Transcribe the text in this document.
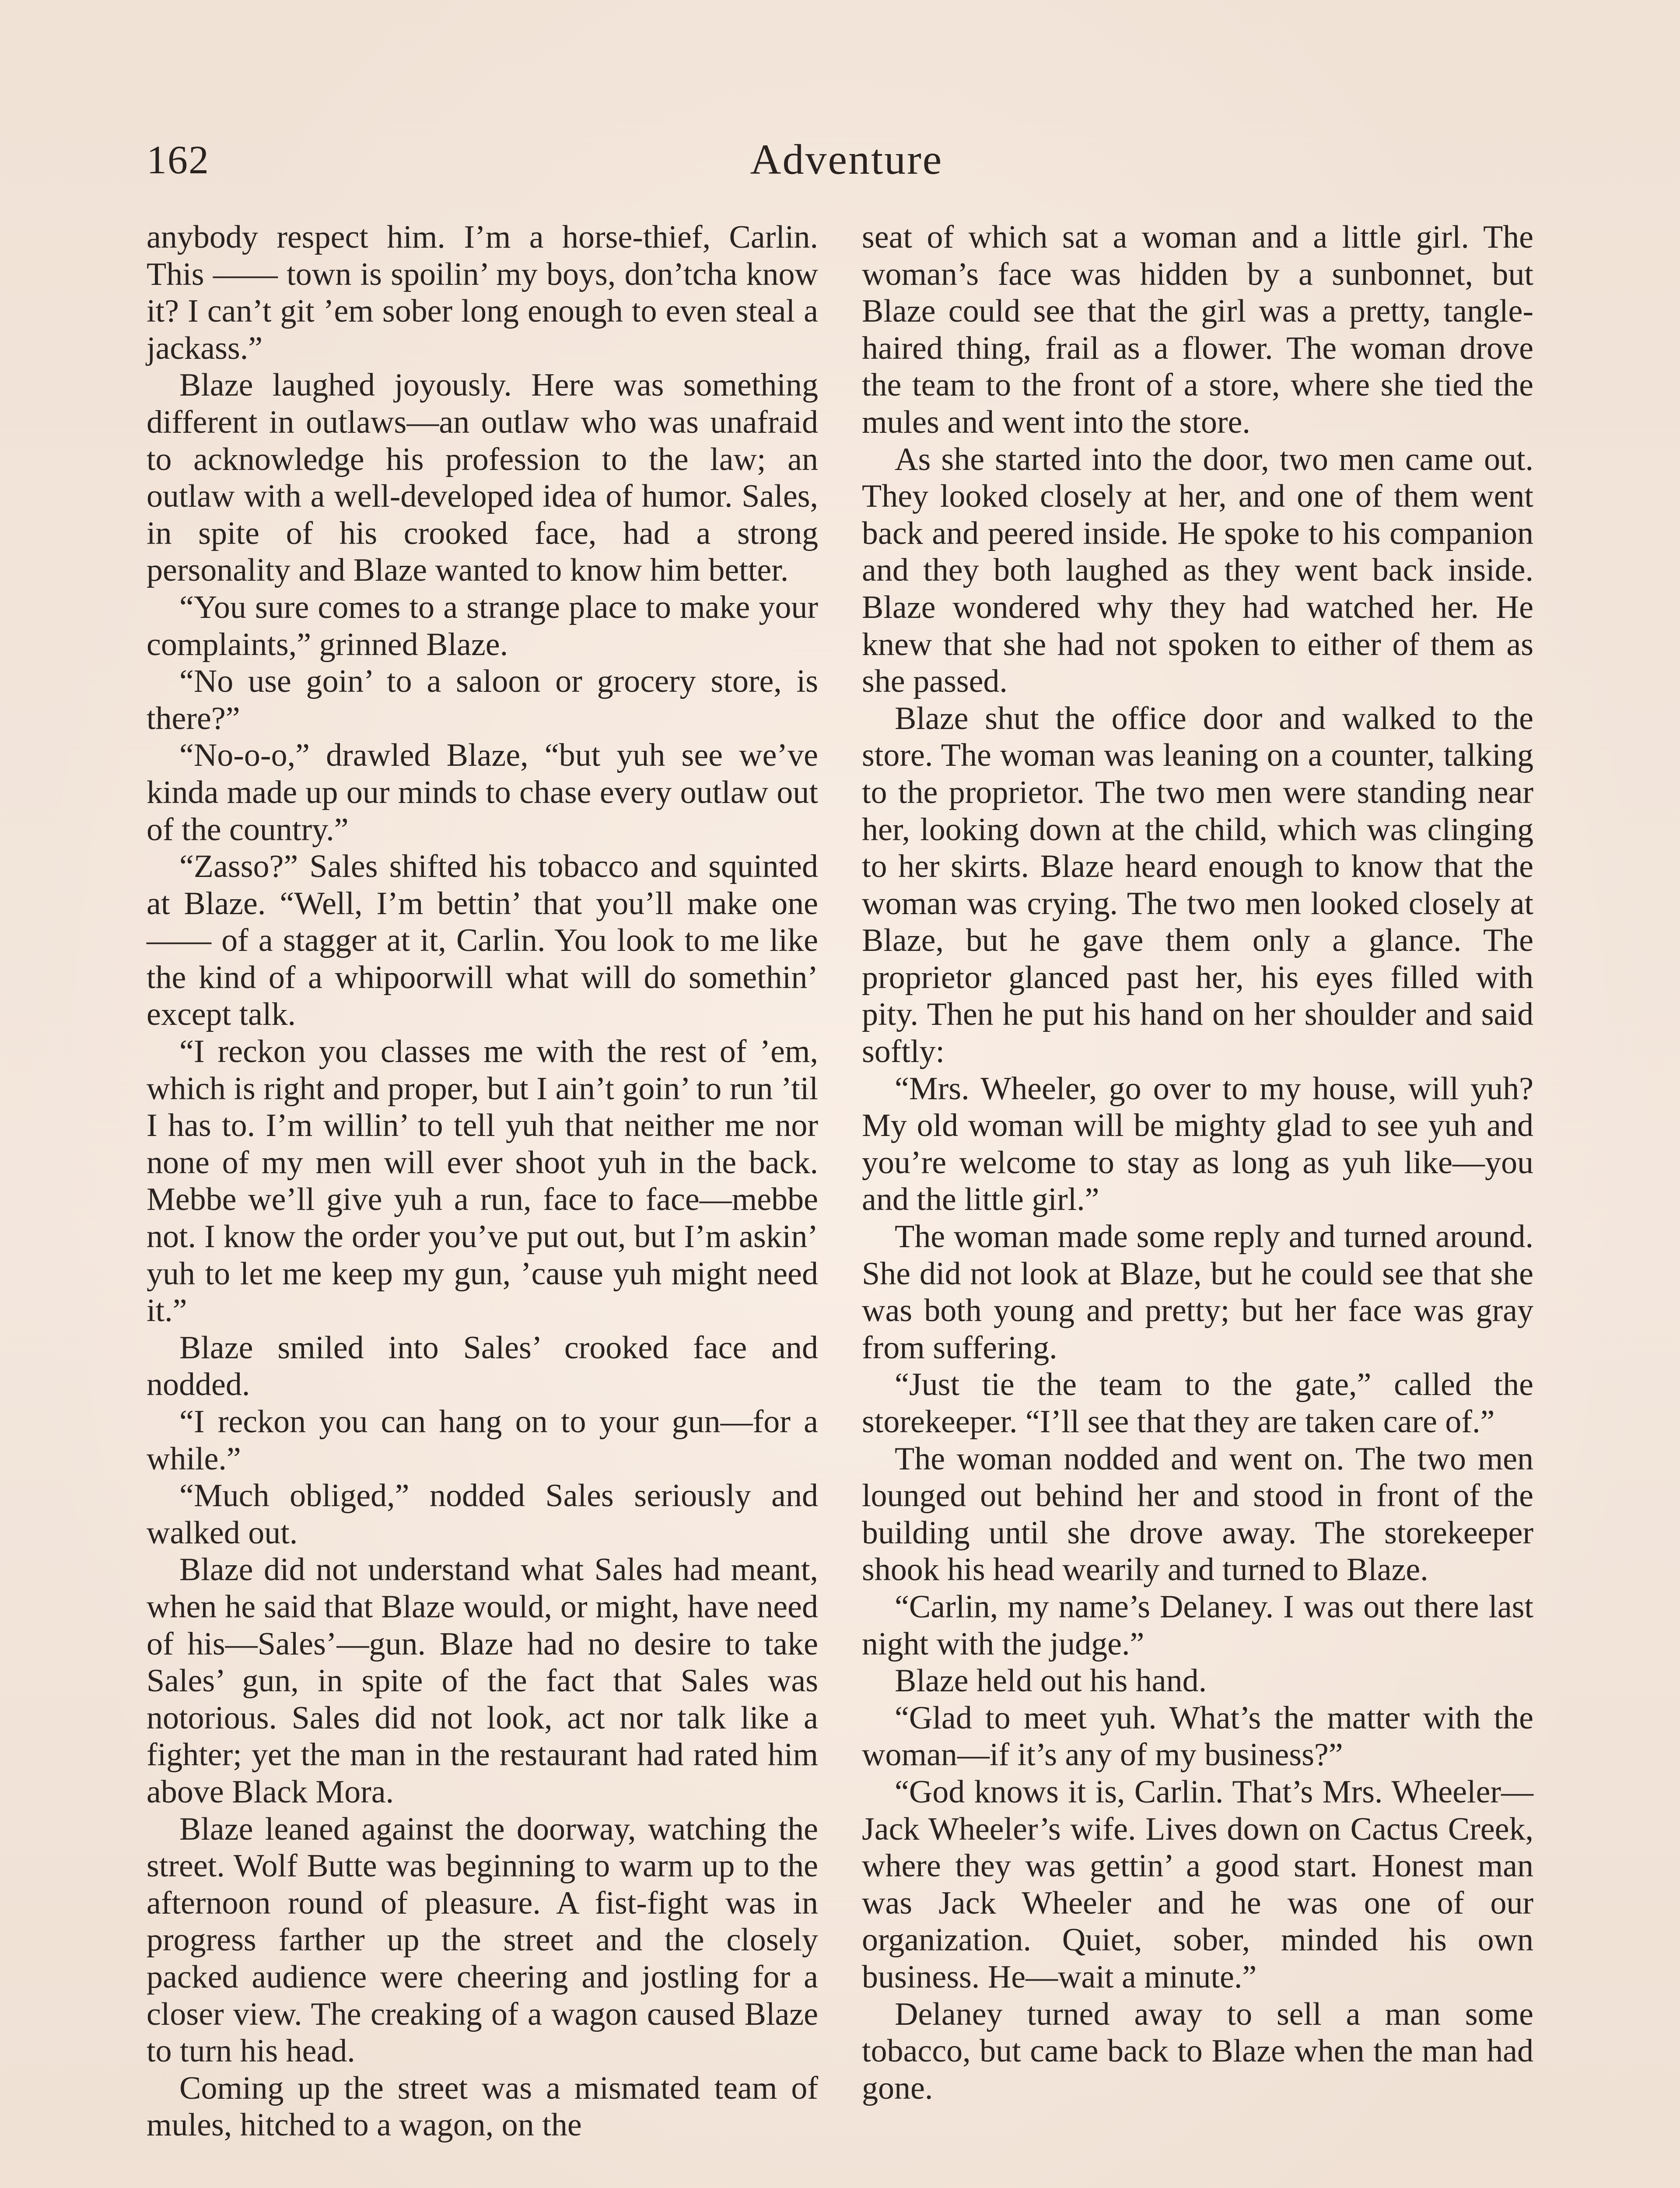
162	Adventure

anybody respect him. I’m a horse-thief, Carlin. This —— town is spoilin’ my boys, don’tcha know it? I can’t git ’em sober long enough to even steal a jackass.”

Blaze laughed joyously. Here was something different in outlaws—an outlaw who was unafraid to acknowledge his profession to the law; an outlaw with a well-developed idea of humor. Sales, in spite of his crooked face, had a strong personality and Blaze wanted to know him better.

“You sure comes to a strange place to make your complaints,” grinned Blaze.

“No use goin’ to a saloon or grocery store, is there?”

“No-o-o,” drawled Blaze, “but yuh see we’ve kinda made up our minds to chase every outlaw out of the country.”

“Zasso?” Sales shifted his tobacco and squinted at Blaze. “Well, I’m bettin’ that you’ll make one —— of a stagger at it, Carlin. You look to me like the kind of a whipoorwill what will do somethin’ except talk.

“I reckon you classes me with the rest of ’em, which is right and proper, but I ain’t goin’ to run ’til I has to. I’m willin’ to tell yuh that neither me nor none of my men will ever shoot yuh in the back. Mebbe we’ll give yuh a run, face to face—mebbe not. I know the order you’ve put out, but I’m askin’ yuh to let me keep my gun, ’cause yuh might need it.”

Blaze smiled into Sales’ crooked face and nodded.

“I reckon you can hang on to your gun—for a while.”

“Much obliged,” nodded Sales seriously and walked out.

Blaze did not understand what Sales had meant, when he said that Blaze would, or might, have need of his—Sales’—gun. Blaze had no desire to take Sales’ gun, in spite of the fact that Sales was notorious. Sales did not look, act nor talk like a fighter; yet the man in the restaurant had rated him above Black Mora.

Blaze leaned against the doorway, watching the street. Wolf Butte was beginning to warm up to the afternoon round of pleasure. A fist-fight was in progress farther up the street and the closely packed audience were cheering and jostling for a closer view. The creaking of a wagon caused Blaze to turn his head.

Coming up the street was a mismated team of mules, hitched to a wagon, on the

seat of which sat a woman and a little girl. The woman’s face was hidden by a sunbonnet, but Blaze could see that the girl was a pretty, tangle-haired thing, frail as a flower. The woman drove the team to the front of a store, where she tied the mules and went into the store.

As she started into the door, two men came out. They looked closely at her, and one of them went back and peered inside. He spoke to his companion and they both laughed as they went back inside. Blaze wondered why they had watched her. He knew that she had not spoken to either of them as she passed.

Blaze shut the office door and walked to the store. The woman was leaning on a counter, talking to the proprietor. The two men were standing near her, looking down at the child, which was clinging to her skirts. Blaze heard enough to know that the woman was crying. The two men looked closely at Blaze, but he gave them only a glance. The proprietor glanced past her, his eyes filled with pity. Then he put his hand on her shoulder and said softly:

“Mrs. Wheeler, go over to my house, will yuh? My old woman will be mighty glad to see yuh and you’re welcome to stay as long as yuh like—you and the little girl.”

The woman made some reply and turned around. She did not look at Blaze, but he could see that she was both young and pretty; but her face was gray from suffering.

“Just tie the team to the gate,” called the storekeeper. “I’ll see that they are taken care of.”

The woman nodded and went on. The two men lounged out behind her and stood in front of the building until she drove away. The storekeeper shook his head wearily and turned to Blaze.

“Carlin, my name’s Delaney. I was out there last night with the judge.”

Blaze held out his hand.

“Glad to meet yuh. What’s the matter with the woman—if it’s any of my business?”

“God knows it is, Carlin. That’s Mrs. Wheeler—Jack Wheeler’s wife. Lives down on Cactus Creek, where they was gettin’ a good start. Honest man was Jack Wheeler and he was one of our organization. Quiet, sober, minded his own business. He—wait a minute.”

Delaney turned away to sell a man some tobacco, but came back to Blaze when the man had gone.
